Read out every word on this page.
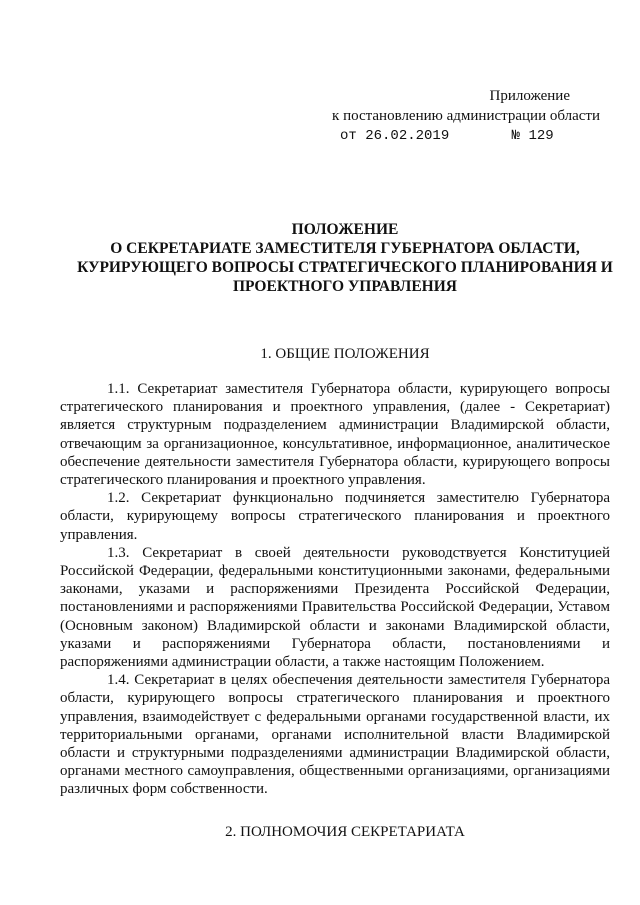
Приложение
к постановлению администрации области
от 26.02.2019	№ 129
ПОЛОЖЕНИЕ
О СЕКРЕТАРИАТЕ ЗАМЕСТИТЕЛЯ ГУБЕРНАТОРА ОБЛАСТИ,
КУРИРУЮЩЕГО ВОПРОСЫ СТРАТЕГИЧЕСКОГО ПЛАНИРОВАНИЯ И
ПРОЕКТНОГО УПРАВЛЕНИЯ
1. ОБЩИЕ ПОЛОЖЕНИЯ

1.1. Секретариат заместителя Губернатора области, курирующего вопросы стратегического планирования и проектного управления, (далее - Секретариат) является структурным подразделением администрации Владимирской области, отвечающим за организационное, консультативное, информационное, аналитическое обеспечение деятельности заместителя Губернатора области, курирующего вопросы стратегического планирования и проектного управления.

1.2. Секретариат функционально подчиняется заместителю Губернатора области, курирующему вопросы стратегического планирования и проектного управления.

1.3. Секретариат в своей деятельности руководствуется Конституцией Российской Федерации, федеральными конституционными законами, федеральными законами, указами и распоряжениями Президента Российской Федерации, постановлениями и распоряжениями Правительства Российской Федерации, Уставом (Основным законом) Владимирской области и законами Владимирской области, указами и распоряжениями Губернатора области, постановлениями и распоряжениями администрации области, а также настоящим Положением.

1.4. Секретариат в целях обеспечения деятельности заместителя Губернатора области, курирующего вопросы стратегического планирования и проектного управления, взаимодействует с федеральными органами государственной власти, их территориальными органами, органами исполнительной власти Владимирской области и структурными подразделениями администрации Владимирской области, органами местного самоуправления, общественными организациями, организациями различных форм собственности.

2. ПОЛНОМОЧИЯ СЕКРЕТАРИАТА
